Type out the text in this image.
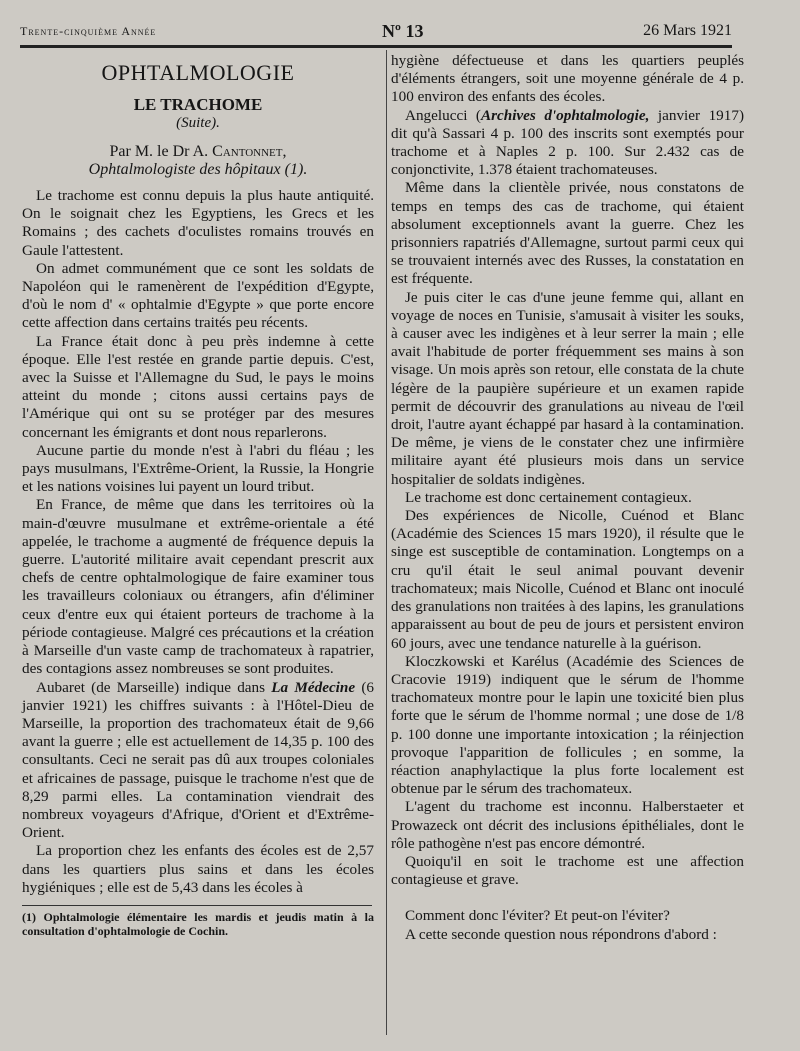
Trente-cinquième Année	Nº 13	26 Mars 1921
OPHTALMOLOGIE

LE TRACHOME

(Suite).

Par M. le Dr A. Cantonnet,

Ophtalmologiste des hôpitaux (1).

Le trachome est connu depuis la plus haute antiquité. On le soignait chez les Egyptiens, les Grecs et les Romains ; des cachets d'oculistes romains trouvés en Gaule l'attestent.

On admet communément que ce sont les soldats de Napoléon qui le ramenèrent de l'expédition d'Egypte, d'où le nom d' « ophtalmie d'Egypte » que porte encore cette affection dans certains traités peu récents.

La France était donc à peu près indemne à cette époque. Elle l'est restée en grande partie depuis. C'est, avec la Suisse et l'Allemagne du Sud, le pays le moins atteint du monde ; citons aussi certains pays de l'Amérique qui ont su se protéger par des mesures concernant les émigrants et dont nous reparlerons.

Aucune partie du monde n'est à l'abri du fléau ; les pays musulmans, l'Extrême-Orient, la Russie, la Hongrie et les nations voisines lui payent un lourd tribut.

En France, de même que dans les territoires où la main-d'œuvre musulmane et extrême-orientale a été appelée, le trachome a augmenté de fréquence depuis la guerre. L'autorité militaire avait cependant prescrit aux chefs de centre ophtalmologique de faire examiner tous les travailleurs coloniaux ou étrangers, afin d'éliminer ceux d'entre eux qui étaient porteurs de trachome à la période contagieuse. Malgré ces précautions et la création à Marseille d'un vaste camp de trachomateux à rapatrier, des contagions assez nombreuses se sont produites.

Aubaret (de Marseille) indique dans La Médecine (6 janvier 1921) les chiffres suivants : à l'Hôtel-Dieu de Marseille, la proportion des trachomateux était de 9,66 avant la guerre ; elle est actuellement de 14,35 p. 100 des consultants. Ceci ne serait pas dû aux troupes coloniales et africaines de passage, puisque le trachome n'est que de 8,29 parmi elles. La contamination viendrait des nombreux voyageurs d'Afrique, d'Orient et d'Extrême-Orient.

La proportion chez les enfants des écoles est de 2,57 dans les quartiers plus sains et dans les écoles hygiéniques ; elle est de 5,43 dans les écoles à

(1) Ophtalmologie élémentaire les mardis et jeudis matin à la consultation d'ophtalmologie de Cochin.

hygiène défectueuse et dans les quartiers peuplés d'éléments étrangers, soit une moyenne générale de 4 p. 100 environ des enfants des écoles.

Angelucci (Archives d'ophtalmologie, janvier 1917) dit qu'à Sassari 4 p. 100 des inscrits sont exemptés pour trachome et à Naples 2 p. 100. Sur 2.432 cas de conjonctivite, 1.378 étaient trachomateuses.

Même dans la clientèle privée, nous constatons de temps en temps des cas de trachome, qui étaient absolument exceptionnels avant la guerre. Chez les prisonniers rapatriés d'Allemagne, surtout parmi ceux qui se trouvaient internés avec des Russes, la constatation en est fréquente.

Je puis citer le cas d'une jeune femme qui, allant en voyage de noces en Tunisie, s'amusait à visiter les souks, à causer avec les indigènes et à leur serrer la main ; elle avait l'habitude de porter fréquemment ses mains à son visage. Un mois après son retour, elle constata de la chute légère de la paupière supérieure et un examen rapide permit de découvrir des granulations au niveau de l'œil droit, l'autre ayant échappé par hasard à la contamination. De même, je viens de le constater chez une infirmière militaire ayant été plusieurs mois dans un service hospitalier de soldats indigènes.

Le trachome est donc certainement contagieux.

Des expériences de Nicolle, Cuénod et Blanc (Académie des Sciences 15 mars 1920), il résulte que le singe est susceptible de contamination. Longtemps on a cru qu'il était le seul animal pouvant devenir trachomateux; mais Nicolle, Cuénod et Blanc ont inoculé des granulations non traitées à des lapins, les granulations apparaissent au bout de peu de jours et persistent environ 60 jours, avec une tendance naturelle à la guérison.

Kloczkowski et Karélus (Académie des Sciences de Cracovie 1919) indiquent que le sérum de l'homme trachomateux montre pour le lapin une toxicité bien plus forte que le sérum de l'homme normal ; une dose de 1/8 p. 100 donne une importante intoxication ; la réinjection provoque l'apparition de follicules ; en somme, la réaction anaphylactique la plus forte localement est obtenue par le sérum des trachomateux.

L'agent du trachome est inconnu. Halberstaeter et Prowazeck ont décrit des inclusions épithéliales, dont le rôle pathogène n'est pas encore démontré.

Quoiqu'il en soit le trachome est une affection contagieuse et grave.

Comment donc l'éviter? Et peut-on l'éviter?

A cette seconde question nous répondrons d'abord :
